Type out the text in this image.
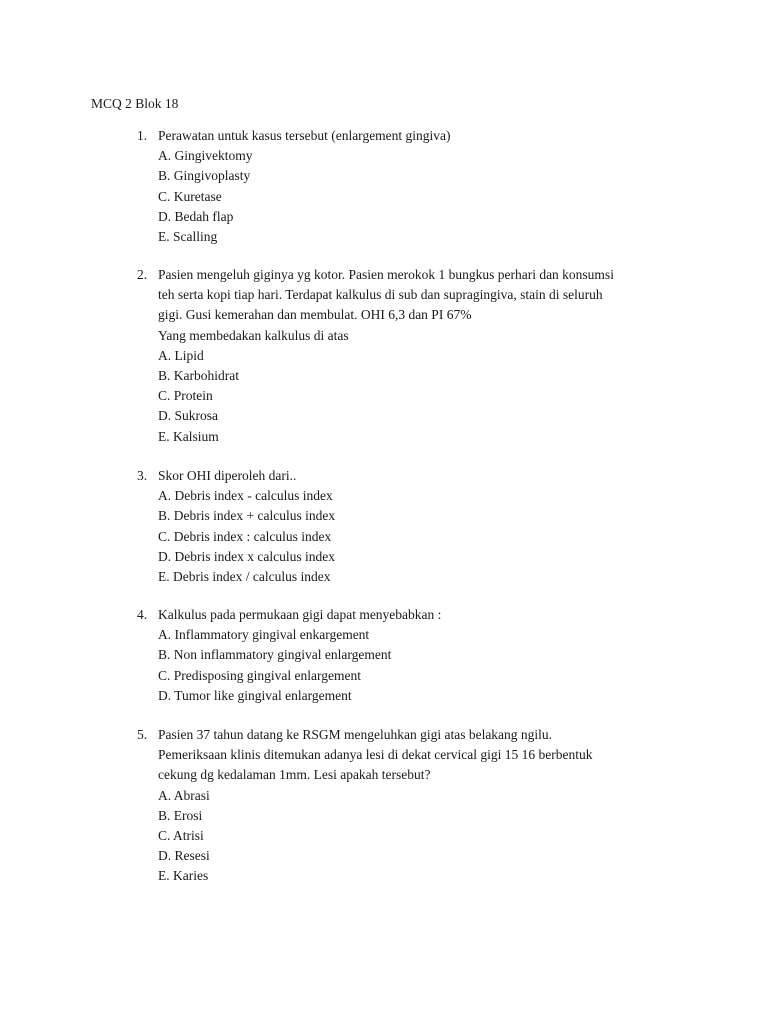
MCQ 2 Blok 18
1. Perawatan untuk kasus tersebut (enlargement gingiva)
A. Gingivektomy
B. Gingivoplasty
C. Kuretase
D. Bedah flap
E. Scalling
2. Pasien mengeluh giginya yg kotor. Pasien merokok 1 bungkus perhari dan konsumsi
teh serta kopi tiap hari. Terdapat kalkulus di sub dan supragingiva, stain di seluruh
gigi. Gusi kemerahan dan membulat. OHI 6,3 dan PI 67%
Yang membedakan kalkulus di atas
A. Lipid
B. Karbohidrat
C. Protein
D. Sukrosa
E. Kalsium
3. Skor OHI diperoleh dari..
A. Debris index - calculus index
B. Debris index + calculus index
C. Debris index : calculus index
D. Debris index x calculus index
E. Debris index / calculus index
4. Kalkulus pada permukaan gigi dapat menyebabkan :
A. Inflammatory gingival enkargement
B. Non inflammatory gingival enlargement
C. Predisposing gingival enlargement
D. Tumor like gingival enlargement
5. Pasien 37 tahun datang ke RSGM mengeluhkan gigi atas belakang ngilu.
Pemeriksaan klinis ditemukan adanya lesi di dekat cervical gigi 15 16 berbentuk
cekung dg kedalaman 1mm. Lesi apakah tersebut?
A. Abrasi
B. Erosi
C. Atrisi
D. Resesi
E. Karies
